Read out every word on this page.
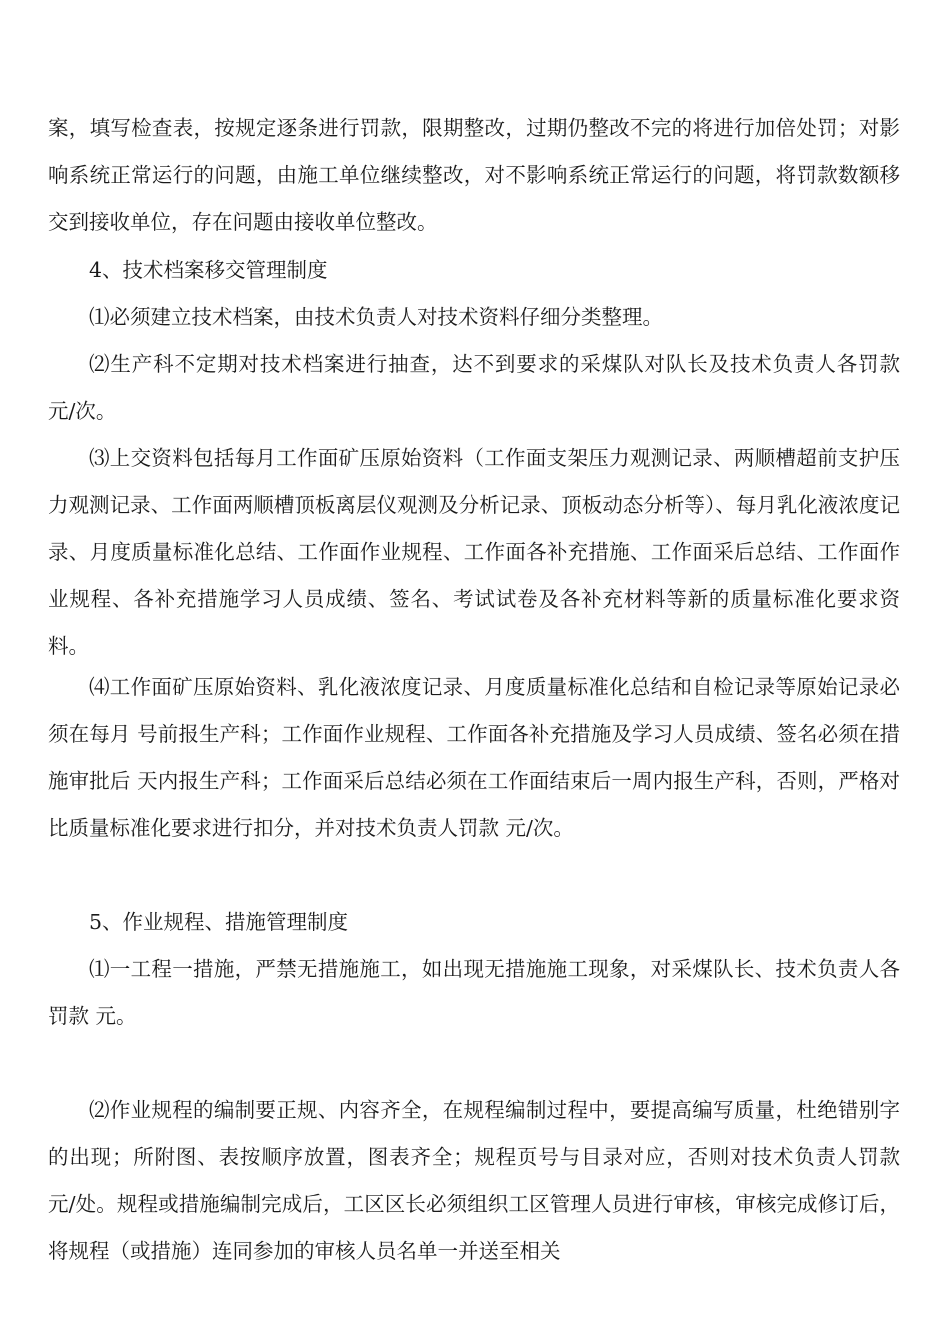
案，填写检查表，按规定逐条进行罚款，限期整改，过期仍整改不完的将进行加倍处罚；对影响系统正常运行的问题，由施工单位继续整改，对不影响系统正常运行的问题，将罚款数额移交到接收单位，存在问题由接收单位整改。

4、技术档案移交管理制度

⑴必须建立技术档案，由技术负责人对技术资料仔细分类整理。

⑵生产科不定期对技术档案进行抽查，达不到要求的采煤队对队长及技术负责人各罚款 元/次。

⑶上交资料包括每月工作面矿压原始资料（工作面支架压力观测记录、两顺槽超前支护压力观测记录、工作面两顺槽顶板离层仪观测及分析记录、顶板动态分析等）、每月乳化液浓度记录、月度质量标准化总结、工作面作业规程、工作面各补充措施、工作面采后总结、工作面作业规程、各补充措施学习人员成绩、签名、考试试卷及各补充材料等新的质量标准化要求资料。

⑷工作面矿压原始资料、乳化液浓度记录、月度质量标准化总结和自检记录等原始记录必须在每月 号前报生产科；工作面作业规程、工作面各补充措施及学习人员成绩、签名必须在措施审批后 天内报生产科；工作面采后总结必须在工作面结束后一周内报生产科，否则，严格对比质量标准化要求进行扣分，并对技术负责人罚款 元/次。

5、作业规程、措施管理制度

⑴一工程一措施，严禁无措施施工，如出现无措施施工现象，对采煤队长、技术负责人各罚款 元。

⑵作业规程的编制要正规、内容齐全，在规程编制过程中，要提高编写质量，杜绝错别字的出现；所附图、表按顺序放置，图表齐全；规程页号与目录对应，否则对技术负责人罚款 元/处。规程或措施编制完成后，工区区长必须组织工区管理人员进行审核，审核完成修订后，将规程（或措施）连同参加的审核人员名单一并送至相关
